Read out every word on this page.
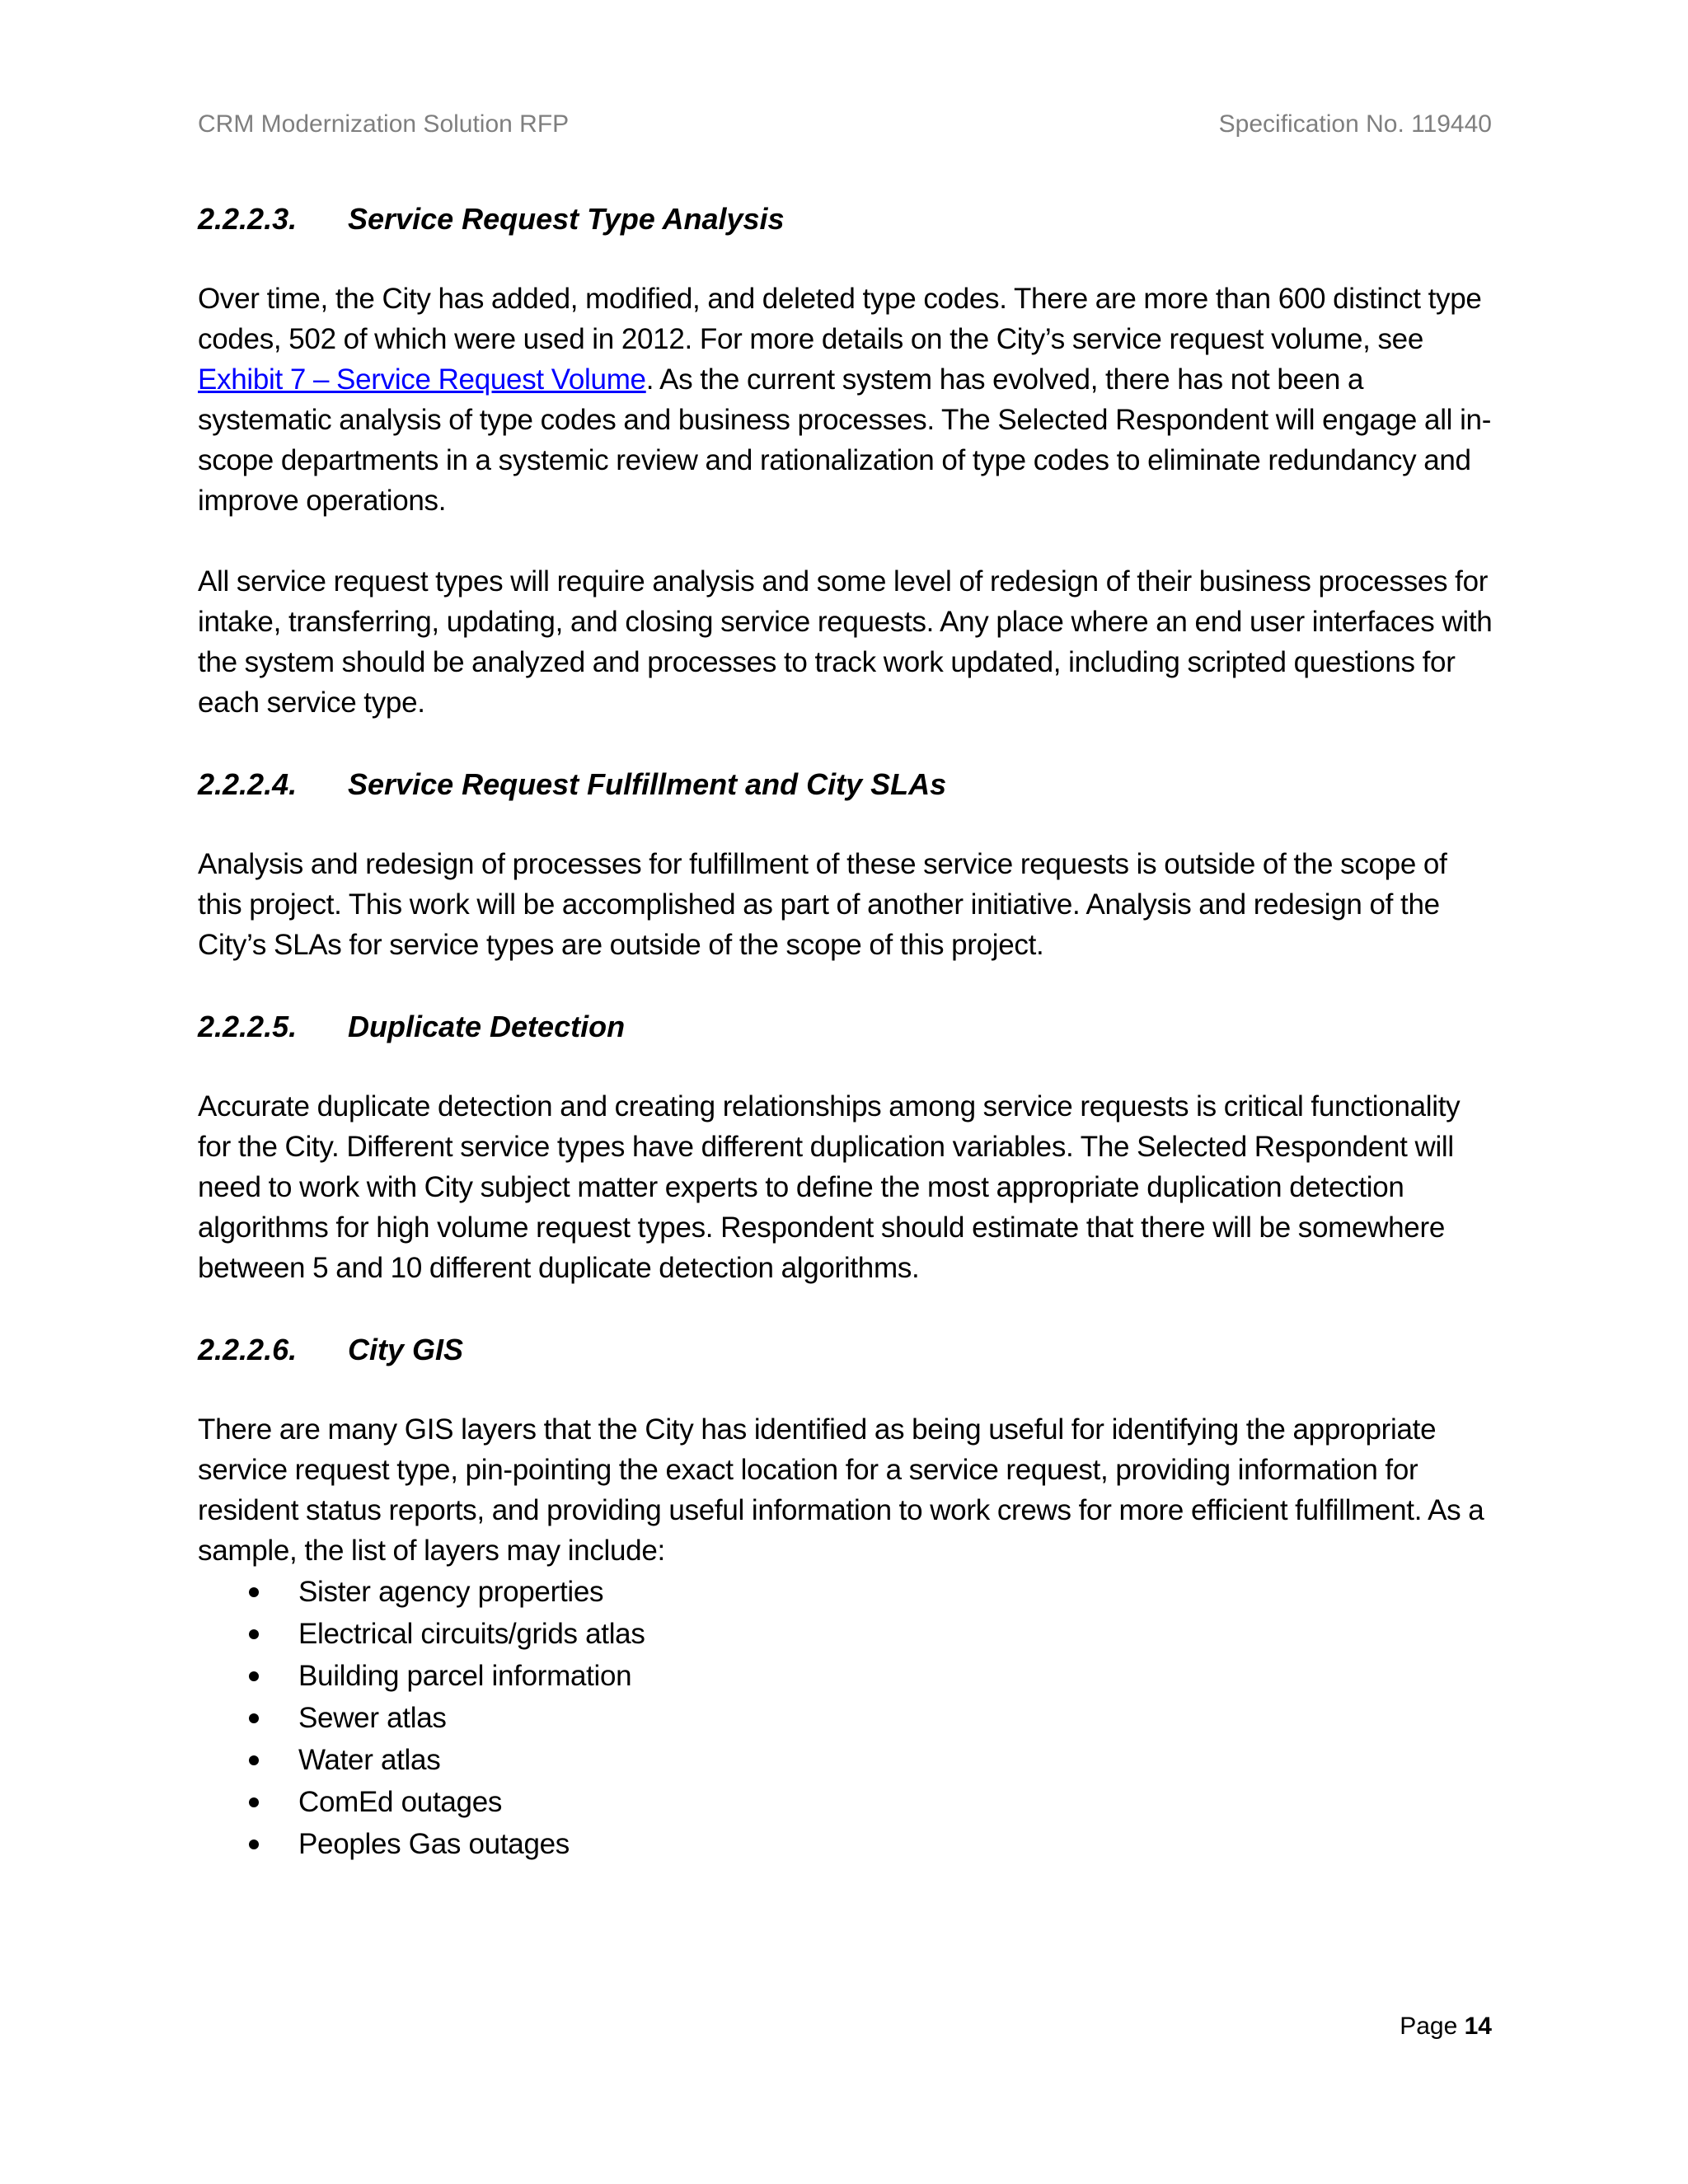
CRM Modernization Solution RFP	Specification No. 119440
2.2.2.3. Service Request Type Analysis

Over time, the City has added, modified, and deleted type codes. There are more than 600 distinct type codes, 502 of which were used in 2012. For more details on the City’s service request volume, see Exhibit 7 – Service Request Volume. As the current system has evolved, there has not been a systematic analysis of type codes and business processes. The Selected Respondent will engage all in-scope departments in a systemic review and rationalization of type codes to eliminate redundancy and improve operations.

All service request types will require analysis and some level of redesign of their business processes for intake, transferring, updating, and closing service requests. Any place where an end user interfaces with the system should be analyzed and processes to track work updated, including scripted questions for each service type.

2.2.2.4. Service Request Fulfillment and City SLAs

Analysis and redesign of processes for fulfillment of these service requests is outside of the scope of this project. This work will be accomplished as part of another initiative. Analysis and redesign of the City’s SLAs for service types are outside of the scope of this project.

2.2.2.5. Duplicate Detection

Accurate duplicate detection and creating relationships among service requests is critical functionality for the City. Different service types have different duplication variables. The Selected Respondent will need to work with City subject matter experts to define the most appropriate duplication detection algorithms for high volume request types. Respondent should estimate that there will be somewhere between 5 and 10 different duplicate detection algorithms.

2.2.2.6. City GIS

There are many GIS layers that the City has identified as being useful for identifying the appropriate service request type, pin-pointing the exact location for a service request, providing information for resident status reports, and providing useful information to work crews for more efficient fulfillment. As a sample, the list of layers may include:

Sister agency properties
Electrical circuits/grids atlas
Building parcel information
Sewer atlas
Water atlas
ComEd outages
Peoples Gas outages
Page 14
